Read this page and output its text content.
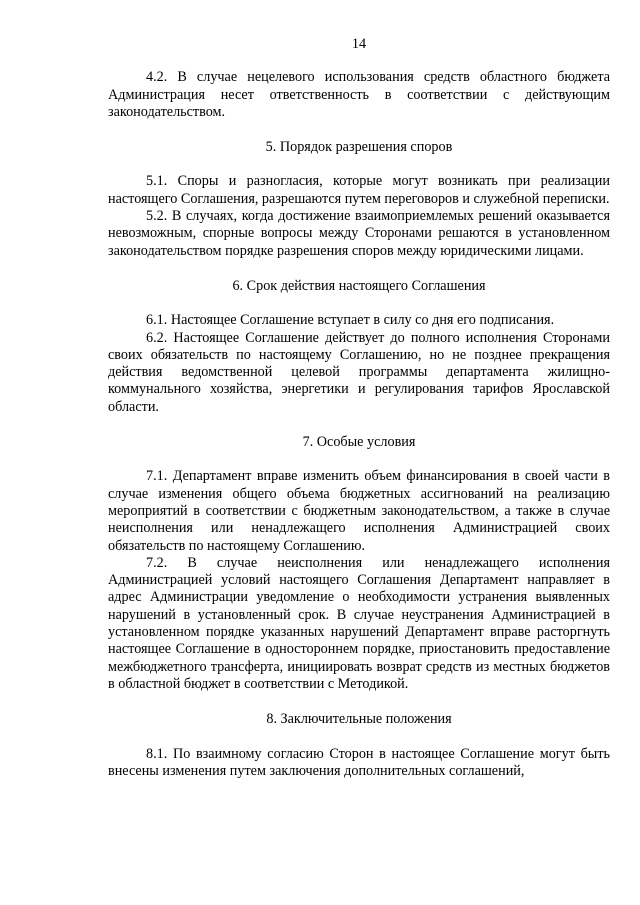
14

4.2. В случае нецелевого использования средств областного бюджета Администрация несет ответственность в соответствии с действующим законодательством.

5. Порядок разрешения споров

5.1. Споры и разногласия, которые могут возникать при реализации настоящего Соглашения, разрешаются путем переговоров и служебной переписки.

5.2. В случаях, когда достижение взаимоприемлемых решений оказывается невозможным, спорные вопросы между Сторонами решаются в установленном законодательством порядке разрешения споров между юридическими лицами.

6. Срок действия настоящего Соглашения

6.1. Настоящее Соглашение вступает в силу со дня его подписания.

6.2. Настоящее Соглашение действует до полного исполнения Сторонами своих обязательств по настоящему Соглашению, но не позднее прекращения действия ведомственной целевой программы департамента жилищно-коммунального хозяйства, энергетики и регулирования тарифов Ярославской области.

7. Особые условия

7.1. Департамент вправе изменить объем финансирования в своей части в случае изменения общего объема бюджетных ассигнований на реализацию мероприятий в соответствии с бюджетным законодательством, а также в случае неисполнения или ненадлежащего исполнения Администрацией своих обязательств по настоящему Соглашению.

7.2. В случае неисполнения или ненадлежащего исполнения Администрацией условий настоящего Соглашения Департамент направляет в адрес Администрации уведомление о необходимости устранения выявленных нарушений в установленный срок. В случае неустранения Администрацией в установленном порядке указанных нарушений Департамент вправе расторгнуть настоящее Соглашение в одностороннем порядке, приостановить предоставление межбюджетного трансферта, инициировать возврат средств из местных бюджетов в областной бюджет в соответствии с Методикой.

8. Заключительные положения

8.1. По взаимному согласию Сторон в настоящее Соглашение могут быть внесены изменения путем заключения дополнительных соглашений,
